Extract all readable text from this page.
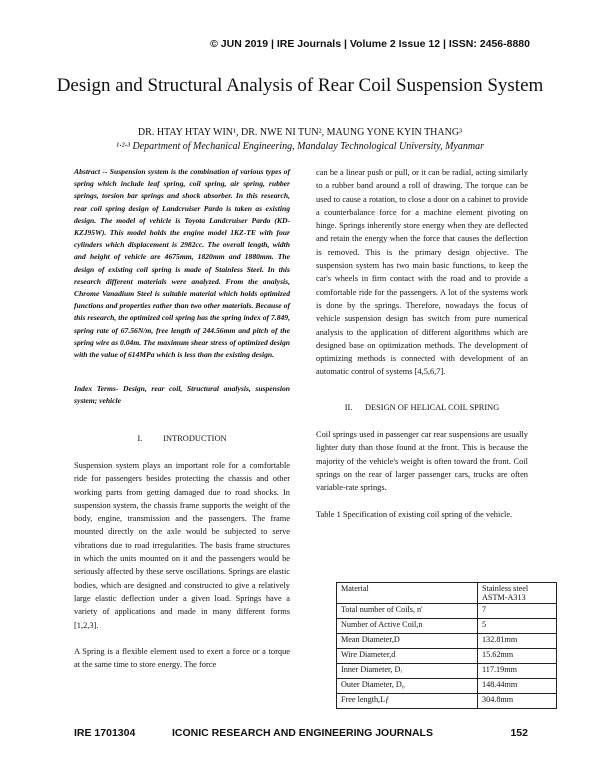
© JUN 2019 | IRE Journals | Volume 2 Issue 12 | ISSN: 2456-8880
Design and Structural Analysis of Rear Coil Suspension System
DR. HTAY HTAY WIN¹, DR. NWE NI TUN², MAUNG YONE KYIN THANG³
¹·²·³ Department of Mechanical Engineering, Mandalay Technological University, Myanmar

Abstract -- Suspension system is the combination of various types of spring which include leaf spring, coil spring, air spring, rubber springs, torsion bar springs and shock absorber. In this research, rear coil spring design of Landcruiser Pardo is taken as existing design. The model of vehicle is Toyota Landcruiser Pardo (KD-KZJ95W). This model holds the engine model 1KZ-TE with four cylinders which displacement is 2982cc. The overall length, width and height of vehicle are 4675mm, 1820mm and 1880mm. The design of existing coil spring is made of Stainless Steel. In this research different materials were analyzed. From the analysis, Chrome Vanadium Steel is suitable material which holds optimized functions and properties rather than two other materials. Because of this research, the optimized coil spring has the spring index of 7.849, spring rate of 67.56N/m, free length of 244.56mm and pitch of the spring wire as 0.04m. The maximum shear stress of optimized design with the value of 614MPa which is less than the existing design.

Index Terms- Design, rear coil, Structural analysis, suspension system; vehicle

I.          INTRODUCTION

Suspension system plays an important role for a comfortable ride for passengers besides protecting the chassis and other working parts from getting damaged due to road shocks. In suspension system, the chassis frame supports the weight of the body, engine, transmission and the passengers. The frame mounted directly on the axle would be subjected to serve vibrations due to road irregularities. The basis frame structures in which the units mounted on it and the passengers would be seriously affected by these serve oscillations. Springs are elastic bodies, which are designed and constructed to give a relatively large elastic deflection under a given load. Springs have a variety of applications and made in many different forms [1,2,3].

A Spring is a flexible element used to exert a force or a torque at the same time to store energy. The force

can be a linear push or pull, or it can be radial, acting similarly to a rubber band around a roll of drawing. The torque can be used to cause a rotation, to close a door on a cabinet to provide a counterbalance force for a machine element pivoting on hinge. Springs inherently store energy when they are deflected and retain the energy when the force that causes the deflection is removed. This is the primary design objective. The suspension system has two main basic functions, to keep the car's wheels in firm contact with the road and to provide a comfortable ride for the passengers. A lot of the systems work is done by the springs. Therefore, nowadays the focus of vehicle suspension design has switch from pure numerical analysis to the application of different algorithms which are designed base on optimization methods. The development of optimizing methods is connected with development of an automatic control of systems [4,5,6,7].

II.      DESIGN OF HELICAL COIL SPRING

Coil springs used in passenger car rear suspensions are usually lighter duty than those found at the front. This is because the majority of the vehicle's weight is often toward the front. Coil springs on the rear of larger passenger cars, trucks are often variable-rate springs.

Table 1 Specification of existing coil spring of the vehicle.

Material	Stainless steel ASTM-A313
Total number of Coils, n'	7
Number of Active Coil,n	5
Mean Diameter,D	132.81mm
Wire Diameter,d	15.62mm
Inner Diameter, Dᵢ	117.19mm
Outer Diameter, D₀	148.44mm
Free length,Lƒ	304.8mm
IRE 1701304	ICONIC RESEARCH AND ENGINEERING JOURNALS	152
